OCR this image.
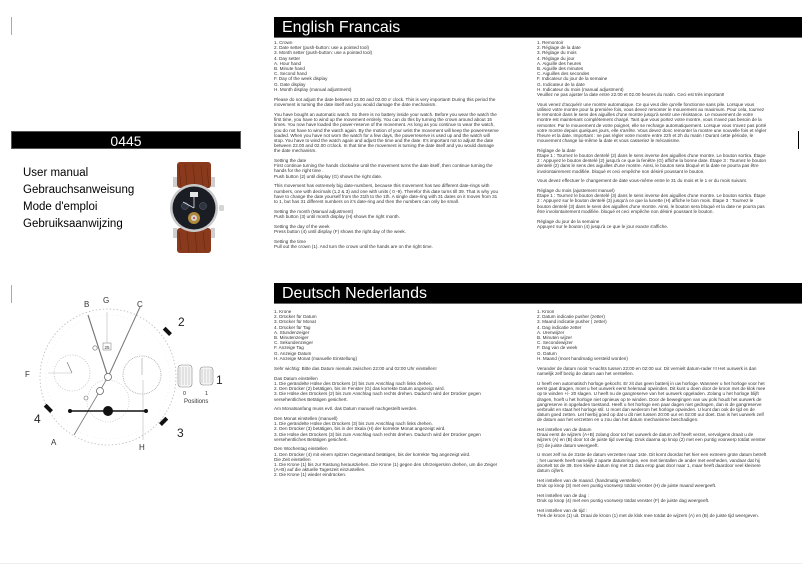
0445
User manual
Gebrauchsanweisung
Mode d'emploi
Gebruiksaanwijzing
25
B G	C
F
A
H
1
2
3
4
0	1
Positions
English Francais
1. Crown
2. Date setter (push-button: use a pointed tool)
3. Month setter (push-button: use a pointed tool)
4. Day setter
A. Hour hand
B. Minute hand
C. Second hand
F. Day of the week display
G. Date display
H. Month display (manual adjustment)

Please do not adjust the date between 22.00 and 02.00 o' clock. This is very important! During this period the movement is turning the date itself and you would damage the date mechanism.

You have bought an automatic watch. So there is no battery inside your watch. Before you wear the watch the first time, you have to wind up the movement entirely. You can do this by turning the crown around about 15 times. You now have loaded the power-reserve of the movement. As long as you continue to wear the watch, you do not have to wind the watch again. By the motion of your wrist the movement will keep the powerreserve loaded. When you have not worn the watch for a few days, the powerreserve is used up and the watch will stop. You have to wind the watch again and adjust the time and the date. It's important not to adjust the date between 22.00 and 02.00 o'clock. In that time the movement is turning the date itself and you would damage the date mechanism.

Setting the date
First continue turning the hands clockwise until the movement turns the date itself, then continue turning the hands for the right time .

Push button (2) until display (G) shows the right date.

This movement has extremely big date-numbers, because this movement has two different date-rings with numbers, one with decimals (1,2 & 3) and one with units ( 0 -9). Therefor this date turns till 39. That is why you have to change the date yourself from the 31th to the 1th. A single date-ring with 31 dates on it moves from 31 to 1, but has 31 different numbers on it's date-ring and then the numbers can only be small.

Setting the month (Manual adjustment)

Push button (3) until month display (H) shows the right month.

Setting the day of the week

Press button (4) until display (F) shows the right day of the week.

Setting the time

Pull out the crown (1). And turn the crown until the hands are on the right time.

1. Remontoir
2. Réglage de la date
3. Réglage du mois
4. Réglage du jour
A. Aiguille des heures
B. Aiguille des minutes
C. Aiguilles des secondes
F. Indicateur du jour de la semaine
G. Indicateur de la date
H. Indicateur du mois (manual adjustment)

Veuillez ne pas ajuster la date entre 22.00 et 02.00 heures du matin. Ceci est très important!

Vous venez d'acquérir une montre automatique. Ce qui veut dire qu'elle fonctionne sans pile. Lorsque vous utilisez votre montre pour la première fois, vous devez remonter le mouvement au maximum. Pour cela, tournez le remontoir dans le sens des aiguilles d'une montre jusqu'à sentir une résistance. Le mouvement de votre montre est maintenant complètement chargé. Tant que vous portez votre montre, vous n'avez pas besoin de la remonter. Par le mouvement de votre poignet, elle se recharge automatiquement. Lorsque vous n'avez pas porté votre montre depuis quelques jours, elle s'arrête. Vous devez donc remonter la montre une nouvelle fois et régler l'heure et la date. Important : ne pas régler votre montre entre 22h et 2h du matin ! Durant cette période, le mouvement change lui-même la date et vous casseriez le mécanisme.

Réglage de la date

Étape 1 : Tournez le bouton dentelé (2) dans le sens inverse des aiguilles d'une montre. Le bouton sortira. Étape 2 : Appuyez le bouton dentelé (2) jusqu'à ce que la fenêtre (G) affiche la bonne date. Étape 3 : Tournez le bouton dentelé (2) dans le sens des aiguilles d'une montre. Ainsi, le bouton sera bloqué et la date ne pourra pas être involontairement modifiée. bloqué et ceci empêche non désiré poussant le bouton.

Vous devez effectuer le changement de date vous-même entre le 31 du mois et le 1 er du mois suivant.

Réglage du mois (ajustement manuel)

Étape 1 : Tournez le bouton dentelé (3) dans le sens inverse des aiguilles d'une montre. Le bouton sortira. Étape 2 : Appuyez sur le bouton dentelé (3) jusqu'à ce que la lunette (H) affiche le bon mois. Étape 3 : Tournez le bouton dentelé (3) dans le sens des aiguilles d'une montre. Ainsi, le bouton sera bloqué et la date ne pourra pas être involontairement modifiée. bloqué et ceci empêche non désiré poussant le bouton.

Réglage du jour de la semaine

Appuyez sur le bouton (4) jusqu'à ce que le jour exacte s'affiche.

Deutsch Nederlands
1. Krone
2. Drücker für Datum
3. Drücker für Monat
4. Drücker für Tag
A. Stundenzeiger
B. Minutenzeiger
C. Sekundenzeiger
F. Anzeige Tag
G. Anzeige Datum
H. Anzeige Monat (manuelle Einstellung)

Sehr wichtig: Bitte das Datum niemals zwischen 22:00 und 02:00 Uhr einstellen!

Das Datum einstellen
1. Die gerändelte Hülse des Drückers (2) bis zum Anschlag nach links drehen.
2. Den Drücker (2) betätigen, bis im Fenster (G) das korrekte Datum angezeigt wird.

3. Die Hülse des Drückers (2) bis zum Anschlag nach rechts drehen. Dadurch wird der Drücker gegen versehentliches Betätigen gesichert.

Am Monatsanfang muss evtl. das Datum manuell nachgestellt werden.

Den Monat einstellen (manuell)
1. Die gerändelte Hülse des Drückers (3) bis zum Anschlag nach links drehen.
2. Den Drücker (3) betätigen, bis in der Skala (H) der korrekte Monat angezeigt wird.

3. Die Hülse des Drückers (3) bis zum Anschlag nach rechts drehen. Dadurch wird der Drücker gegen versehentliches Betätigen gesichert.

Den Wochentag einstellen
1. Den Drücker (4) mit einem spitzen Gegenstand betätigen, bis der korrekte Tag angezeigt wird.
Die Zeit einstellen
1. Die Krone (1) bis zur Rastung herausziehen. Die Krone (1) gegen den Uhrzeigersinn drehen, um die Zeiger (A+B) auf die aktuelle Tageszeit einzustellen.
2. Die Krone (1) wieder eindrücken.
1. Kroon
2. Datum indicatie pusher (zetter)
3. Maand indicatie pusher ( zetter)
4. Dag indicatie zetter
A. Urenwijzer
B. Minuten wijzer
C. Secondewijzer
F. Dag van de week
G. Datum
H. Maand (moet handmatig versteld worden)

Verander de datum nooit 's-nachts tussen 22:00 en 02:00 uur. Dit vernielt datum-rader !!! Het uurwerk is dan namelijk zelf bezig de datum aan het verstellen.

U heeft een automatisch horloge gekocht. Er zit dus geen batterij in uw horloge. Wanneer u het horloge voor het eerst gaat dragen, moet u het uurwerk eerst helemaal opwinden. Dit kunt u doen door de kroon met de klok mee op te winden +/- 20 slagen. U heeft nu de gangreserve van het uurwerk opgeladen. Zolang u het horloge blijft dragen, hoeft u het horloge niet opnieuw op te winden. Door de bewegingen van uw pols houdt het uurwerk de gangreserve in opgeladen toestand. Heeft u het horloge een paar dagen niet gedragen, dan is de gangreserve verbruikt en staat het horloge stil. U moet dan wederom het horloge opwinden. U kunt dan ook de tijd en de datum goed zetten. Let hierbij goed op dat u dit niet tussen 20:00 uur en 02:00 uur doet. Dan is het uurwerk zelf de datum aan het verzetten en u zou dan het datum mechanisme beschadigen.

Het instellen van de datum

Draai eerst de wijzers (A+B) zolang door tot het uurwerk de datum zelf heeft verzet, vervolgens draait u de wijzers (A) en (B) door tot de juiste tijd overdag. Druk daarna op knop (2) met een puntig voorwerp totdat venster (G) de juiste datum weergeeft.

U moet zelf na de 31ste de datum verzetten naar 1ste. Dit komt doordat het hier een extreem grote datum betreft ; het uurwerk heeft namelijk 2 aparte datumringen, een met tientallen de ander met eenheden, vandaar dat hij doortelt tot de 39. Een kleine datum ring met 31 data erop gaat door naar 1, maar heeft daardoor veel kleinere datum cijfers.

Het instellen van de maand. (handmatig verstellen)

Druk op knop (3) met een puntig voorwerp totdat venster (H) de juiste maand weergeeft.

Het instellen van de dag :

Druk op knop (4) met een puntig voorwerp totdat venster (F) de juiste dag weergeeft.

Het instellen van de tijd :

Trek de kroon (1) uit. Draai de kroon (1) met de klok mee totdat de wijzers (A) en (B) de juiste tijd weergeven.
